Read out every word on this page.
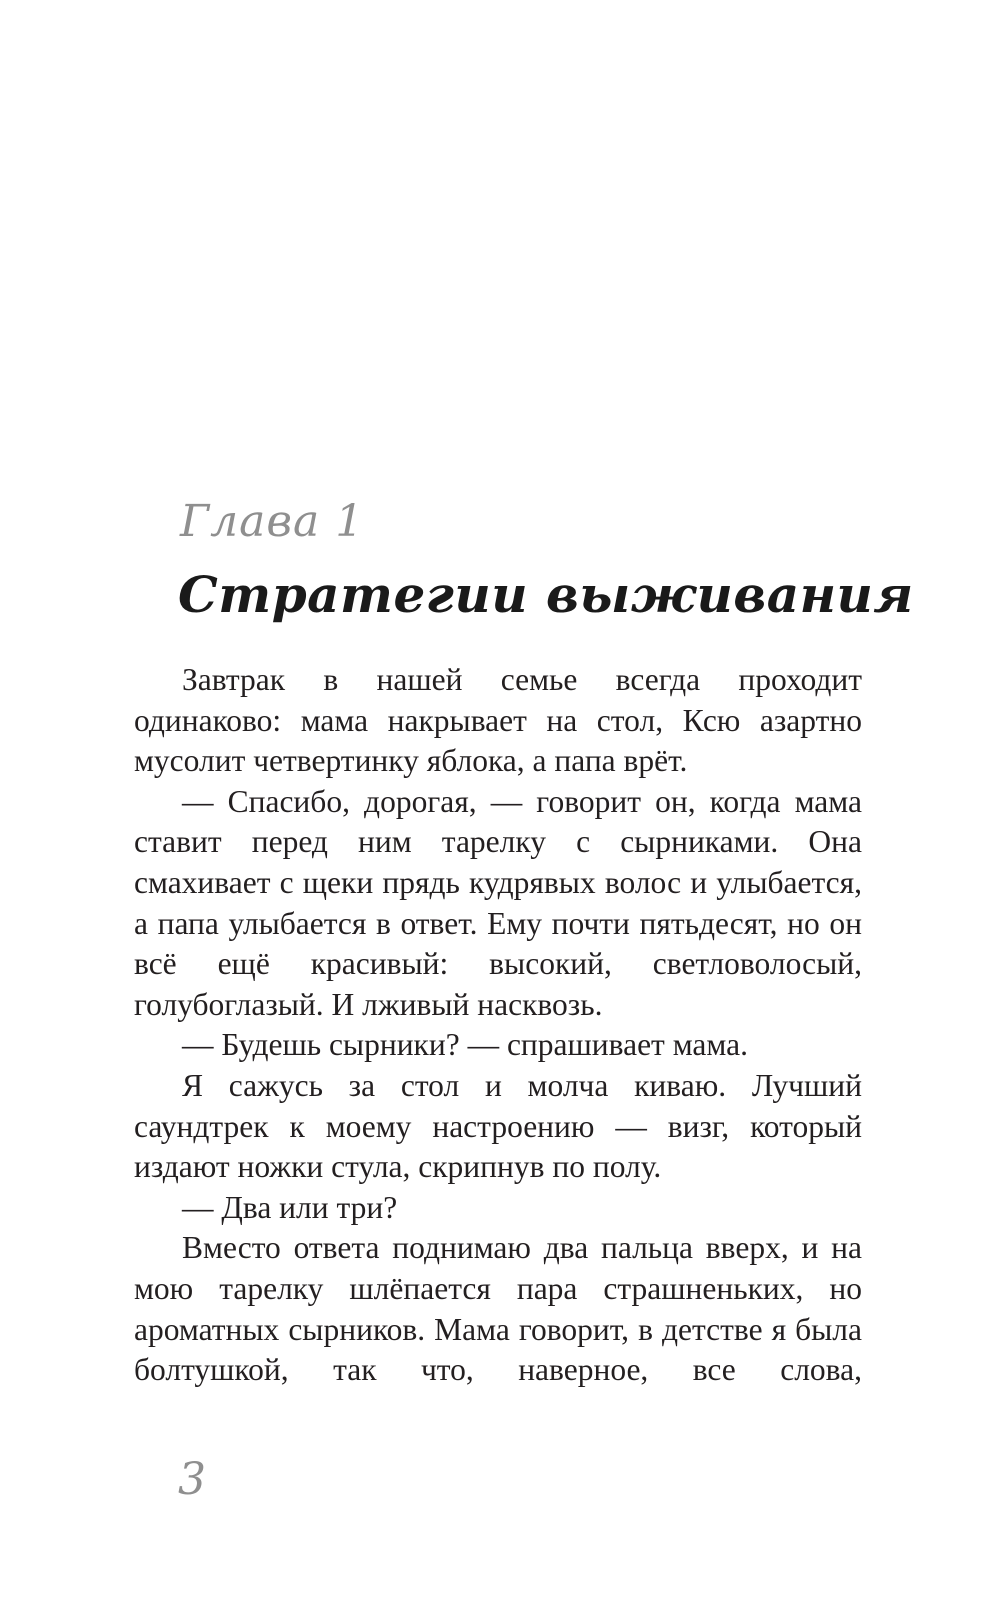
Глава 1
Стратегии выживания

Завтрак в нашей семье всегда проходит одинаково: мама накрывает на стол, Ксю азартно мусолит четвертинку яблока, а папа врёт.

— Спасибо, дорогая, — говорит он, когда мама ставит перед ним тарелку с сырниками. Она смахивает с щеки прядь кудрявых волос и улыбается, а папа улыбается в ответ. Ему почти пятьдесят, но он всё ещё красивый: высокий, светловолосый, голубоглазый. И лживый насквозь.

— Будешь сырники? — спрашивает мама.

Я сажусь за стол и молча киваю. Лучший саундтрек к моему настроению — визг, который издают ножки стула, скрипнув по полу.

— Два или три?

Вместо ответа поднимаю два пальца вверх, и на мою тарелку шлёпается пара страшненьких, но ароматных сырников. Мама говорит, в детстве я была болтушкой, так что, наверное, все слова,

3
